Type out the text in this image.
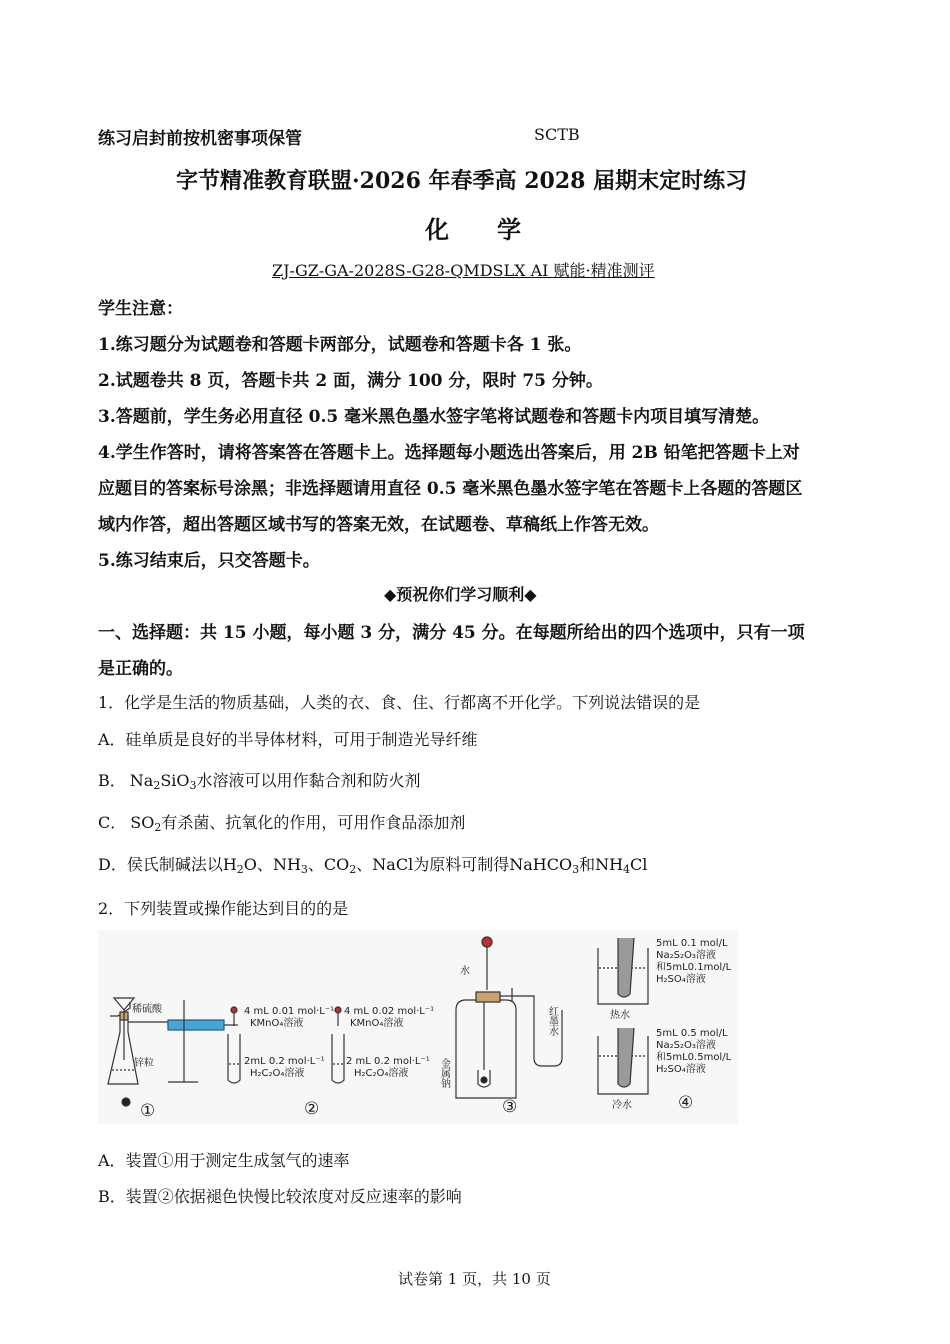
练习启封前按机密事项保管	SCTB
字节精准教育联盟·2026 年春季高 2028 届期末定时练习
化　　学
ZJ-GZ-GA-2028S-G28-QMDSLX AI 赋能·精准测评
学生注意：
1.练习题分为试题卷和答题卡两部分，试题卷和答题卡各 1 张。
2.试题卷共 8 页，答题卡共 2 面，满分 100 分，限时 75 分钟。
3.答题前，学生务必用直径 0.5 毫米黑色墨水签字笔将试题卷和答题卡内项目填写清楚。
4.学生作答时，请将答案答在答题卡上。选择题每小题选出答案后，用 2B 铅笔把答题卡上对
应题目的答案标号涂黑；非选择题请用直径 0.5 毫米黑色墨水签字笔在答题卡上各题的答题区
域内作答，超出答题区域书写的答案无效，在试题卷、草稿纸上作答无效。
5.练习结束后，只交答题卡。
◆预祝你们学习顺利◆
一、选择题：共 15 小题，每小题 3 分，满分 45 分。在每题所给出的四个选项中，只有一项
是正确的。
1．化学是生活的物质基础，人类的衣、食、住、行都离不开化学。下列说法错误的是
A．硅单质是良好的半导体材料，可用于制造光导纤维
B． $Na_2SiO_3$水溶液可以用作黏合剂和防火剂
C． $SO_2$有杀菌、抗氧化的作用，可用作食品添加剂
D．侯氏制碱法以$H_2O$、$NH_3$、$CO_2$、NaCl为原料可制得NaHCO$_3$和$NH_4Cl$
2．下列装置或操作能达到目的的是
稀硫酸
锌粒
①
4 mL 0.01 mol·L⁻¹
KMnO₄溶液
4 mL 0.02 mol·L⁻¹
KMnO₄溶液
2mL 0.2 mol·L⁻¹
H₂C₂O₄溶液
2 mL 0.2 mol·L⁻¹
H₂C₂O₄溶液
②
水
金属钠
红墨水
③
5mL 0.1 mol/L
Na₂S₂O₃溶液
和5mL0.1mol/L
H₂SO₄溶液
热水
5mL 0.5 mol/L
Na₂S₂O₃溶液
和5mL0.5mol/L
H₂SO₄溶液
冷水	④
A．装置①用于测定生成氢气的速率
B．装置②依据褪色快慢比较浓度对反应速率的影响
试卷第 1 页，共 10 页
